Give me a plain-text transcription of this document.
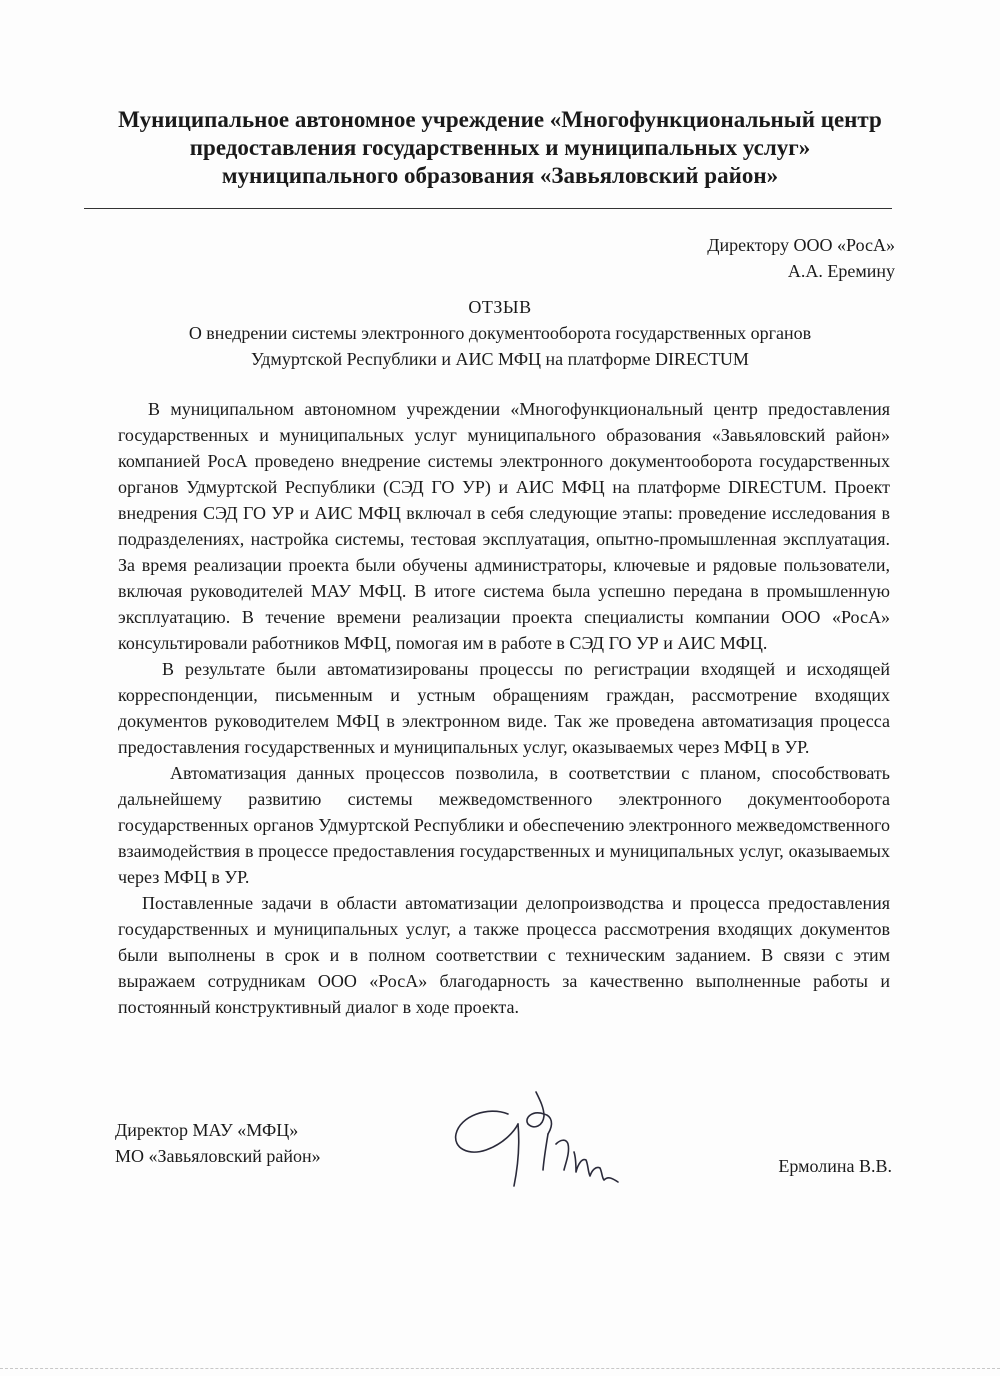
Муниципальное автономное учреждение «Многофункциональный центр
предоставления государственных и муниципальных услуг»
муниципального образования «Завьяловский район»
Директору ООО «РосА»
А.А. Еремину
ОТЗЫВ
О внедрении системы электронного документооборота государственных органов
Удмуртской Республики и АИС МФЦ на платформе DIRECTUM

В муниципальном автономном учреждении «Многофункциональный центр предоставления государственных и муниципальных услуг муниципального образования «Завьяловский район» компанией РосА проведено внедрение системы электронного документооборота государственных органов Удмуртской Республики (СЭД ГО УР) и АИС МФЦ на платформе DIRECTUM. Проект внедрения СЭД ГО УР и АИС МФЦ включал в себя следующие этапы: проведение исследования в подразделениях, настройка системы, тестовая эксплуатация, опытно-промышленная эксплуатация. За время реализации проекта были обучены администраторы, ключевые и рядовые пользователи, включая руководителей МАУ МФЦ. В итоге система была успешно передана в промышленную эксплуатацию. В течение времени реализации проекта специалисты компании ООО «РосА» консультировали работников МФЦ, помогая им в работе в СЭД ГО УР и АИС МФЦ.

В результате были автоматизированы процессы по регистрации входящей и исходящей корреспонденции, письменным и устным обращениям граждан, рассмотрение входящих документов руководителем МФЦ в электронном виде. Так же проведена автоматизация процесса предоставления государственных и муниципальных услуг, оказываемых через МФЦ в УР.

Автоматизация данных процессов позволила, в соответствии с планом, способствовать дальнейшему развитию системы межведомственного электронного документооборота государственных органов Удмуртской Республики и обеспечению электронного межведомственного взаимодействия в процессе предоставления государственных и муниципальных услуг, оказываемых через МФЦ в УР.

Поставленные задачи в области автоматизации делопроизводства и процесса предоставления государственных и муниципальных услуг, а также процесса рассмотрения входящих документов были выполнены в срок и в полном соответствии с техническим заданием. В связи с этим выражаем сотрудникам ООО «РосА» благодарность за качественно выполненные работы и постоянный конструктивный диалог в ходе проекта.

Директор МАУ «МФЦ»
МО «Завьяловский район»	Ермолина В.В.
